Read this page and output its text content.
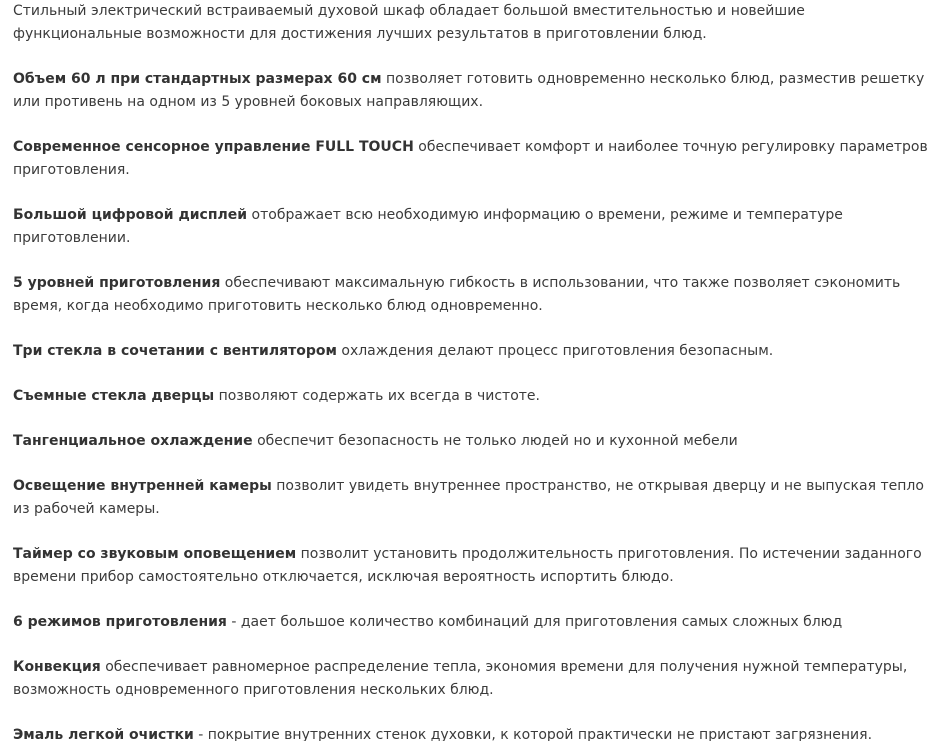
Стильный электрический встраиваемый духовой шкаф обладает большой вместительностью и новейшие функциональные возможности для достижения лучших результатов в приготовлении блюд.

Объем 60 л при стандартных размерах 60 см позволяет готовить одновременно несколько блюд, разместив решетку или противень на одном из 5 уровней боковых направляющих.

Современное сенсорное управление FULL TOUCH обеспечивает комфорт и наиболее точную регулировку параметров приготовления.

Большой цифровой дисплей отображает всю необходимую информацию о времени, режиме и температуре приготовлении.

5 уровней приготовления обеспечивают максимальную гибкость в использовании, что также позволяет сэкономить время, когда необходимо приготовить несколько блюд одновременно.

Три стекла в сочетании с вентилятором охлаждения делают процесс приготовления безопасным.

Съемные стекла дверцы позволяют содержать их всегда в чистоте.

Тангенциальное охлаждение обеспечит безопасность не только людей но и кухонной мебели

Освещение внутренней камеры позволит увидеть внутреннее пространство, не открывая дверцу и не выпуская тепло из рабочей камеры.

Таймер со звуковым оповещением позволит установить продолжительность приготовления. По истечении заданного времени прибор самостоятельно отключается, исключая вероятность испортить блюдо.

6 режимов приготовления - дает большое количество комбинаций для приготовления самых сложных блюд

Конвекция обеспечивает равномерное распределение тепла, экономия времени для получения нужной температуры, возможность одновременного приготовления нескольких блюд.

Эмаль легкой очистки - покрытие внутренних стенок духовки, к которой практически не пристают загрязнения.
